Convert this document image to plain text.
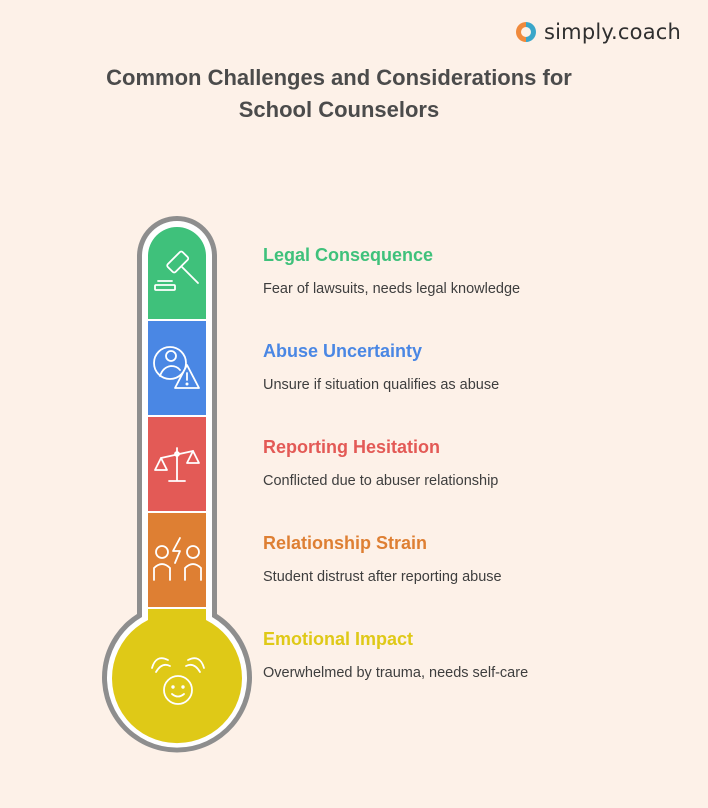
simply.coach
Common Challenges and Considerations for
School Counselors
Legal Consequence
Fear of lawsuits, needs legal knowledge
Abuse Uncertainty
Unsure if situation qualifies as abuse
Reporting Hesitation
Conflicted due to abuser relationship
Relationship Strain
Student distrust after reporting abuse
Emotional Impact
Overwhelmed by trauma, needs self-care
